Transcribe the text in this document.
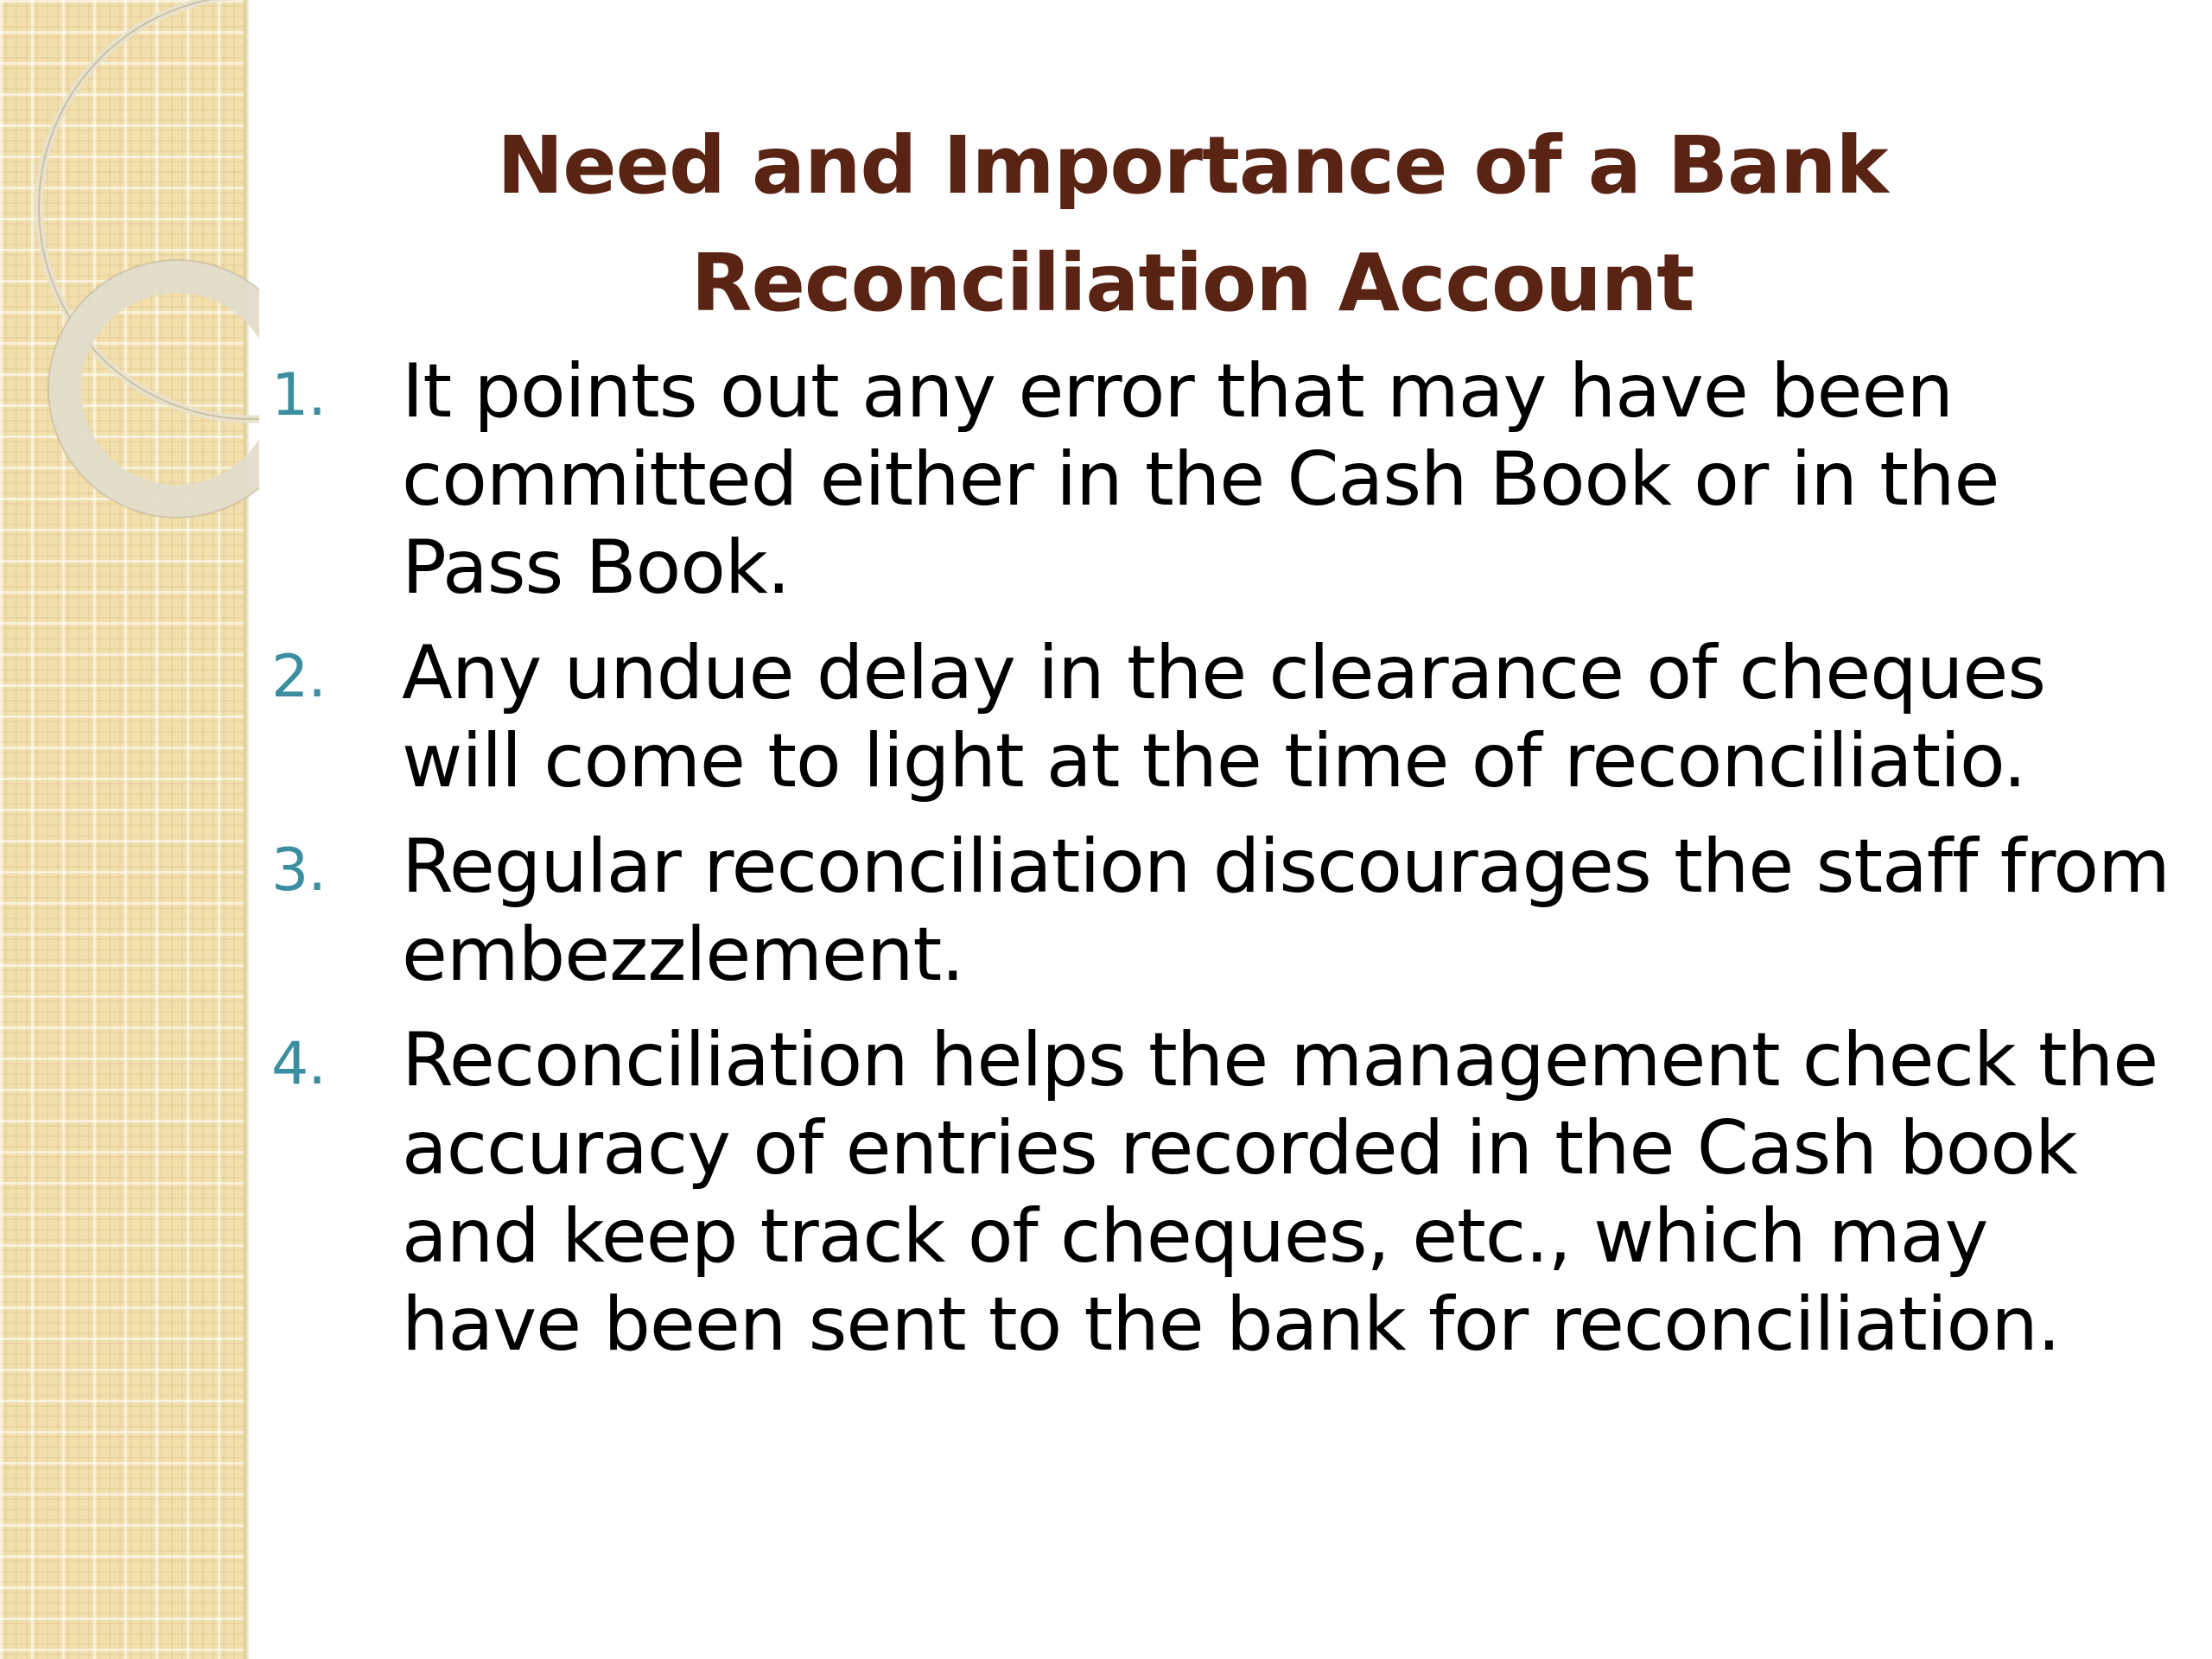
Need and Importance of a Bank
Reconciliation Account
1. It points out any error that may have been committed either in the Cash Book or in the Pass Book.
2. Any undue delay in the clearance of cheques will come to light at the time of reconciliatio.
3. Regular reconciliation discourages the staff from embezzlement.
4. Reconciliation helps the management check the accuracy of entries recorded in the Cash book and keep track of cheques, etc., which may have been sent to the bank for reconciliation.
